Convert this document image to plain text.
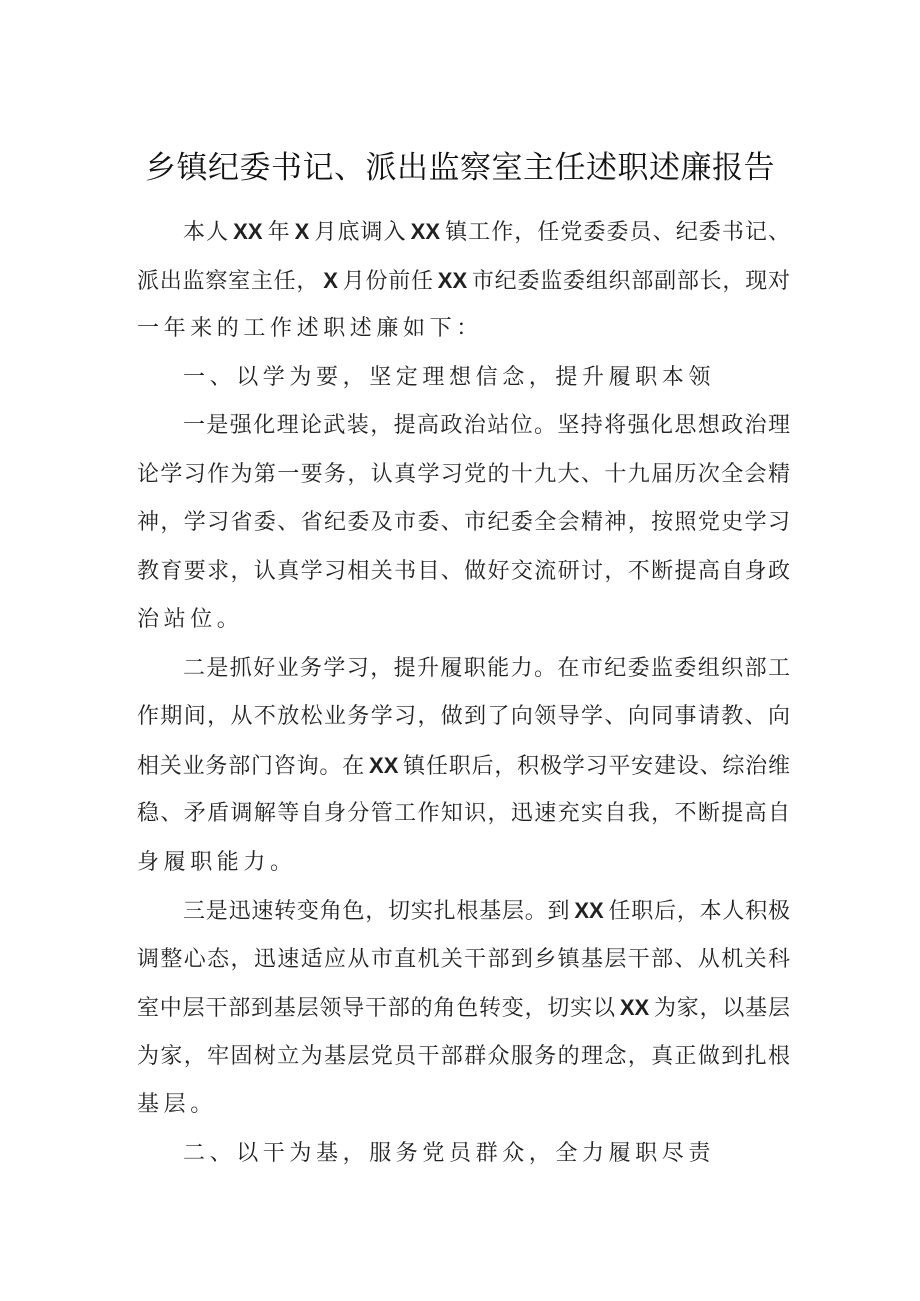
乡镇纪委书记、派出监察室主任述职述廉报告
本人 XX 年 X 月底调入 XX 镇工作，任党委委员、纪委书记、
派出监察室主任， X 月份前任 XX 市纪委监委组织部副部长，现对
一年来的工作述职述廉如下：
一、以学为要，坚定理想信念，提升履职本领
一是强化理论武装，提高政治站位。坚持将强化思想政治理
论学习作为第一要务，认真学习党的十九大、十九届历次全会精
神，学习省委、省纪委及市委、市纪委全会精神，按照党史学习
教育要求，认真学习相关书目、做好交流研讨，不断提高自身政
治站位。
二是抓好业务学习，提升履职能力。在市纪委监委组织部工
作期间，从不放松业务学习，做到了向领导学、向同事请教、向
相关业务部门咨询。在 XX 镇任职后，积极学习平安建设、综治维
稳、矛盾调解等自身分管工作知识，迅速充实自我，不断提高自
身履职能力。
三是迅速转变角色，切实扎根基层。到 XX 任职后，本人积极
调整心态，迅速适应从市直机关干部到乡镇基层干部、从机关科
室中层干部到基层领导干部的角色转变，切实以 XX 为家，以基层
为家，牢固树立为基层党员干部群众服务的理念，真正做到扎根
基层。
二、以干为基，服务党员群众，全力履职尽责
